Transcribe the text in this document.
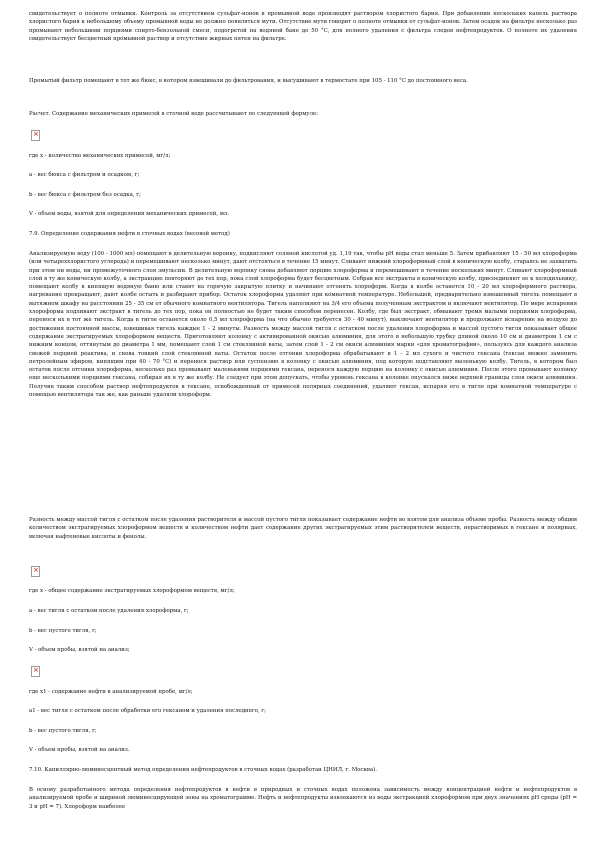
свидетельствует о полноте отмывки. Контроль за отсутствием сульфат-ионов в промывной воде производят раствором хлористого бария. При добавлении нескольких капель раствора хлористого бария к небольшому объему промывной воды не должно появляться мути. Отсутствие мути говорит о полноте отмывки от сульфат-ионов. Затем осадок на фильтре несколько раз промывают небольшими порциями спирто-бензольной смеси, подогретой на водяной бане до 50 °С, для полного удаления с фильтра следов нефтепродуктов. О полноте их удаления свидетельствует бесцветный промывной раствор и отсутствие жирных пятен на фильтре.

Промытый фильтр помещают в тот же бюкс, в котором взвешивали до фильтрования, и высушивают в термостате при 105 - 110 °С до постоянного веса.

Расчет. Содержание механических примесей в сточной воде рассчитывают по следующей формуле:

×

где x - количество механических примесей, мг/л;

a - вес бюкса с фильтром и осадком, г;

b - вес бюкса с фильтром без осадка, г;

V - объем воды, взятой для определения механических примесей, мл.

7.9. Определение содержания нефти в сточных водах (весовой метод)

Анализируемую воду (100 - 1000 мл) помещают в делительную воронку, подкисляют соляной кислотой уд. 1,19 так, чтобы pH воды стал меньше 5. Затем прибавляют 15 - 50 мл хлороформа (или четыреххлористого углерода) и перемешивают несколько минут, дают отстояться в течение 15 минут. Сливают нижний хлороформный слой в коническую колбу, стараясь не захватить при этом ни воды, ни промежуточного слоя эмульсии. В делительную воронку снова добавляют порцию хлороформа и перемешивают в течение нескольких минут. Сливают хлороформный слой в ту же коническую колбу, а экстракцию повторяют до тех пор, пока слой хлороформа будет бесцветным. Собрав все экстракты в коническую колбу, присоединяют ее к холодильнику, помещают колбу в кипящую водяную баню или ставят на горячую закрытую плитку и начинают отгонять хлороформ. Когда в колбе останется 10 - 20 мл хлороформного раствора, нагревание прекращают, дают колбе остыть и разбирают прибор. Остаток хлороформа удаляют при комнатной температуре. Небольшой, предварительно взвешенный тигель помещают в вытяжном шкафу на расстоянии 25 - 35 см от обычного комнатного вентилятора. Тигель наполняют на 3/4 его объема полученным экстрактом и включают вентилятор. По мере испарения хлороформа подливают экстракт в тигель до тех пор, пока он полностью не будет таким способом перенесен. Колбу, где был экстракт, обмывают тремя малыми порциями хлороформа, перенося их в тот же тигель. Когда в тигле останется около 0,5 мл хлороформа (на что обычно требуется 30 - 40 минут), выключают вентилятор и продолжают испарение на воздухе до достижения постоянной массы, взвешивая тигель каждые 1 - 2 минуты. Разность между массой тигля с остатком после удаления хлороформа и массой пустого тигля показывает общее содержание экстрагируемых хлороформом веществ. Приготовляют колонку с активированной окисью алюминия, для этого в небольшую трубку длиной около 10 см и диаметром 1 см с нижним концом, оттянутым до диаметра 1 мм, помещают слой 1 см стеклянной ваты, затем слой 1 - 2 см окиси алюминия марки «для хроматографии», пользуясь для каждого анализа свежей порцией реактива, и снова тонкий слой стеклянной ваты. Остаток после отгонки хлороформа обрабатывают в 1 - 2 мл сухого и чистого гексана (гексан можно заменить петролейным эфиром, кипящим при 40 - 70 °С) и перенося раствор или суспензию в колонку с окисью алюминия, под которую подставляют маленькую колбу. Тигель, в котором был остаток после отгонки хлороформа, несколько раз промывают маленькими порциями гексана, перенося каждую порцию на колонку с окисью алюминия. После этого промывают колонку еще несколькими порциями гексана, собирая их в ту же колбу. Не следует при этом допускать, чтобы уровень гексана в колонке опускался ниже верхней границы слоя окиси алюминия. Получив таким способом раствор нефтепродуктов в гексане, освобожденный от примесей полярных соединений, удаляют гексан, испаряя его в тигле при комнатной температуре с помощью вентилятора так же, как раньше удаляли хлороформ.

Разность между массой тигля с остатком после удаления растворителя и массой пустого тигля показывает содержание нефти во взятом для анализа объеме пробы. Разность между общим количеством экстрагируемых хлороформом веществ и количеством нефти дает содержание других экстрагируемых этим растворителем веществ, нерастворимых в гексане и полярных, включая нафтеновые кислоты и фенолы.

×

где x - общее содержание экстрагируемых хлороформом веществ, мг/л;

a - вес тигля с остатком после удаления хлороформа, г;

b - вес пустого тигля, г;

V - объем пробы, взятой на анализ;

×

где x1 - содержание нефти в анализируемой пробе, мг/л;

a1 - вес тигля с остатком после обработки его гексаном и удаления последнего, г;

b - вес пустого тигля, г;

V - объем пробы, взятой на анализ.

7.10. Капиллярно-люминесцентный метод определения нефтепродуктов в сточных водах (разработан ЦНИЛ, г. Москва).

В основу разработанного метода определения нефтепродуктов в нефти в природных и сточных водах положена зависимость между концентрацией нефти и нефтепродуктов в анализируемой пробе и шириной люминесцирующей зоны на хроматограмме. Нефть и нефтепродукты извлекаются из воды экстракцией хлороформом при двух значениях pH среды (pH = 3 и pH = 7). Хлороформ наиболее
